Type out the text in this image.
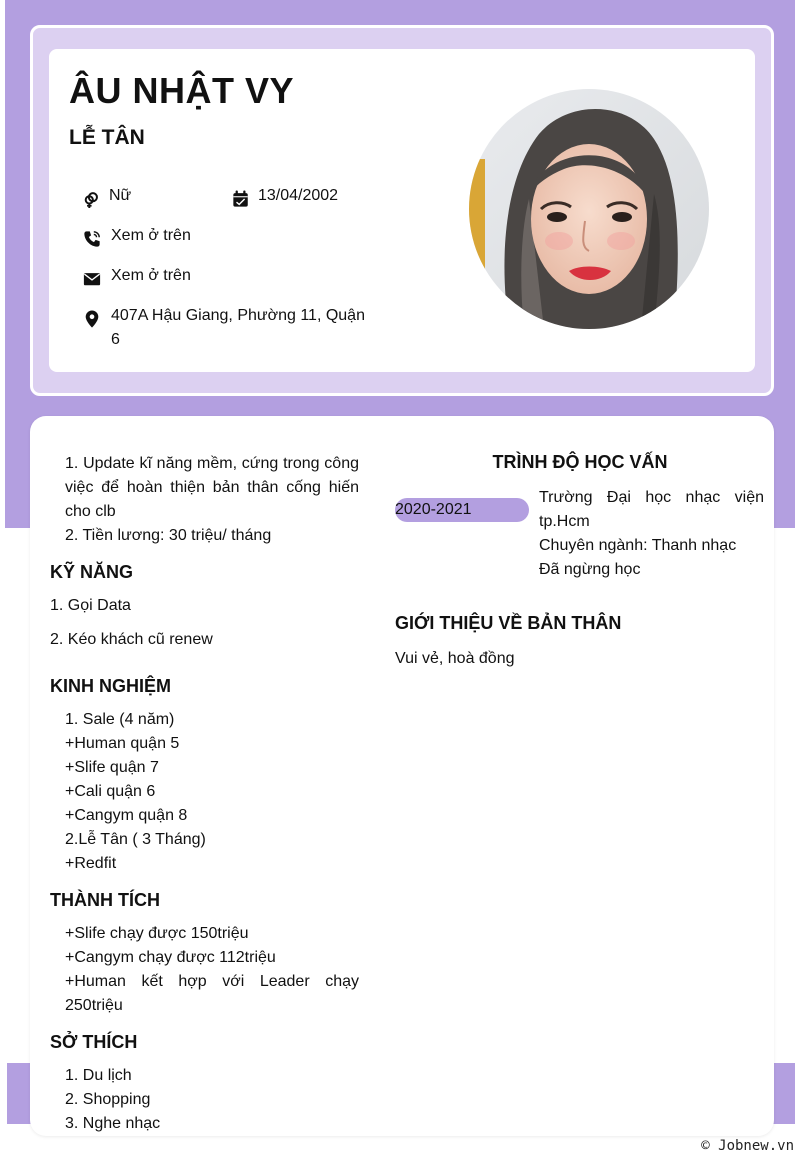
ÂU NHẬT VY
LỄ TÂN
Nữ	13/04/2002
Xem ở trên
Xem ở trên
407A Hậu Giang, Phường 11, Quận
6
1. Update kĩ năng mềm, cứng trong công việc để hoàn thiện bản thân cống hiến cho clb
2. Tiền lương: 30 triệu/ tháng
KỸ NĂNG
1. Gọi Data
2. Kéo khách cũ renew
KINH NGHIỆM
1. Sale (4 năm)
+Human quận 5
+Slife quận 7
+Cali quận 6
+Cangym quận 8
2.Lễ Tân ( 3 Tháng)
+Redfit
THÀNH TÍCH
+Slife chạy được 150triệu
+Cangym chạy được 112triệu
+Human kết hợp với Leader chạy 250triệu
SỞ THÍCH
1. Du lịch
2. Shopping
3. Nghe nhạc
TRÌNH ĐỘ HỌC VẤN
2020-2021
Trường Đại học nhạc viện tp.Hcm
Chuyên ngành: Thanh nhạc
Đã ngừng học
GIỚI THIỆU VỀ BẢN THÂN
Vui vẻ, hoà đồng
© Jobnew.vn
